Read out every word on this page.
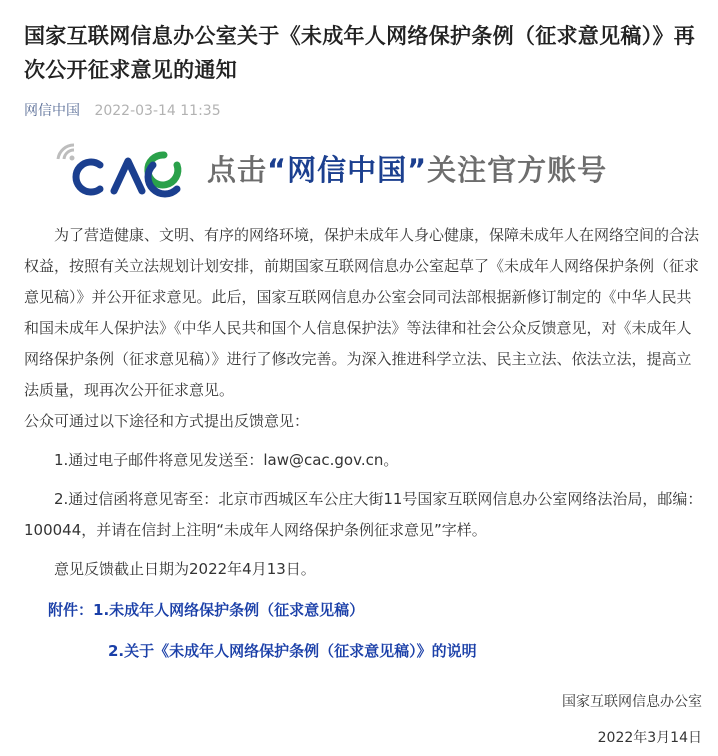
国家互联网信息办公室关于《未成年人网络保护条例（征求意见稿）》再次公开征求意见的通知
网信中国 2022-03-14 11:35
点击“网信中国”关注官方账号

为了营造健康、文明、有序的网络环境，保护未成年人身心健康，保障未成年人在网络空间的合法权益，按照有关立法规划计划安排，前期国家互联网信息办公室起草了《未成年人网络保护条例（征求意见稿）》并公开征求意见。此后，国家互联网信息办公室会同司法部根据新修订制定的《中华人民共和国未成年人保护法》《中华人民共和国个人信息保护法》等法律和社会公众反馈意见，对《未成年人网络保护条例（征求意见稿）》进行了修改完善。为深入推进科学立法、民主立法、依法立法，提高立法质量，现再次公开征求意见。

公众可通过以下途径和方式提出反馈意见：

1.通过电子邮件将意见发送至：law@cac.gov.cn。

2.通过信函将意见寄至：北京市西城区车公庄大街11号国家互联网信息办公室网络法治局，邮编：100044，并请在信封上注明“未成年人网络保护条例征求意见”字样。

意见反馈截止日期为2022年4月13日。

附件：1.未成年人网络保护条例（征求意见稿）

2.关于《未成年人网络保护条例（征求意见稿）》的说明

国家互联网信息办公室
2022年3月14日
